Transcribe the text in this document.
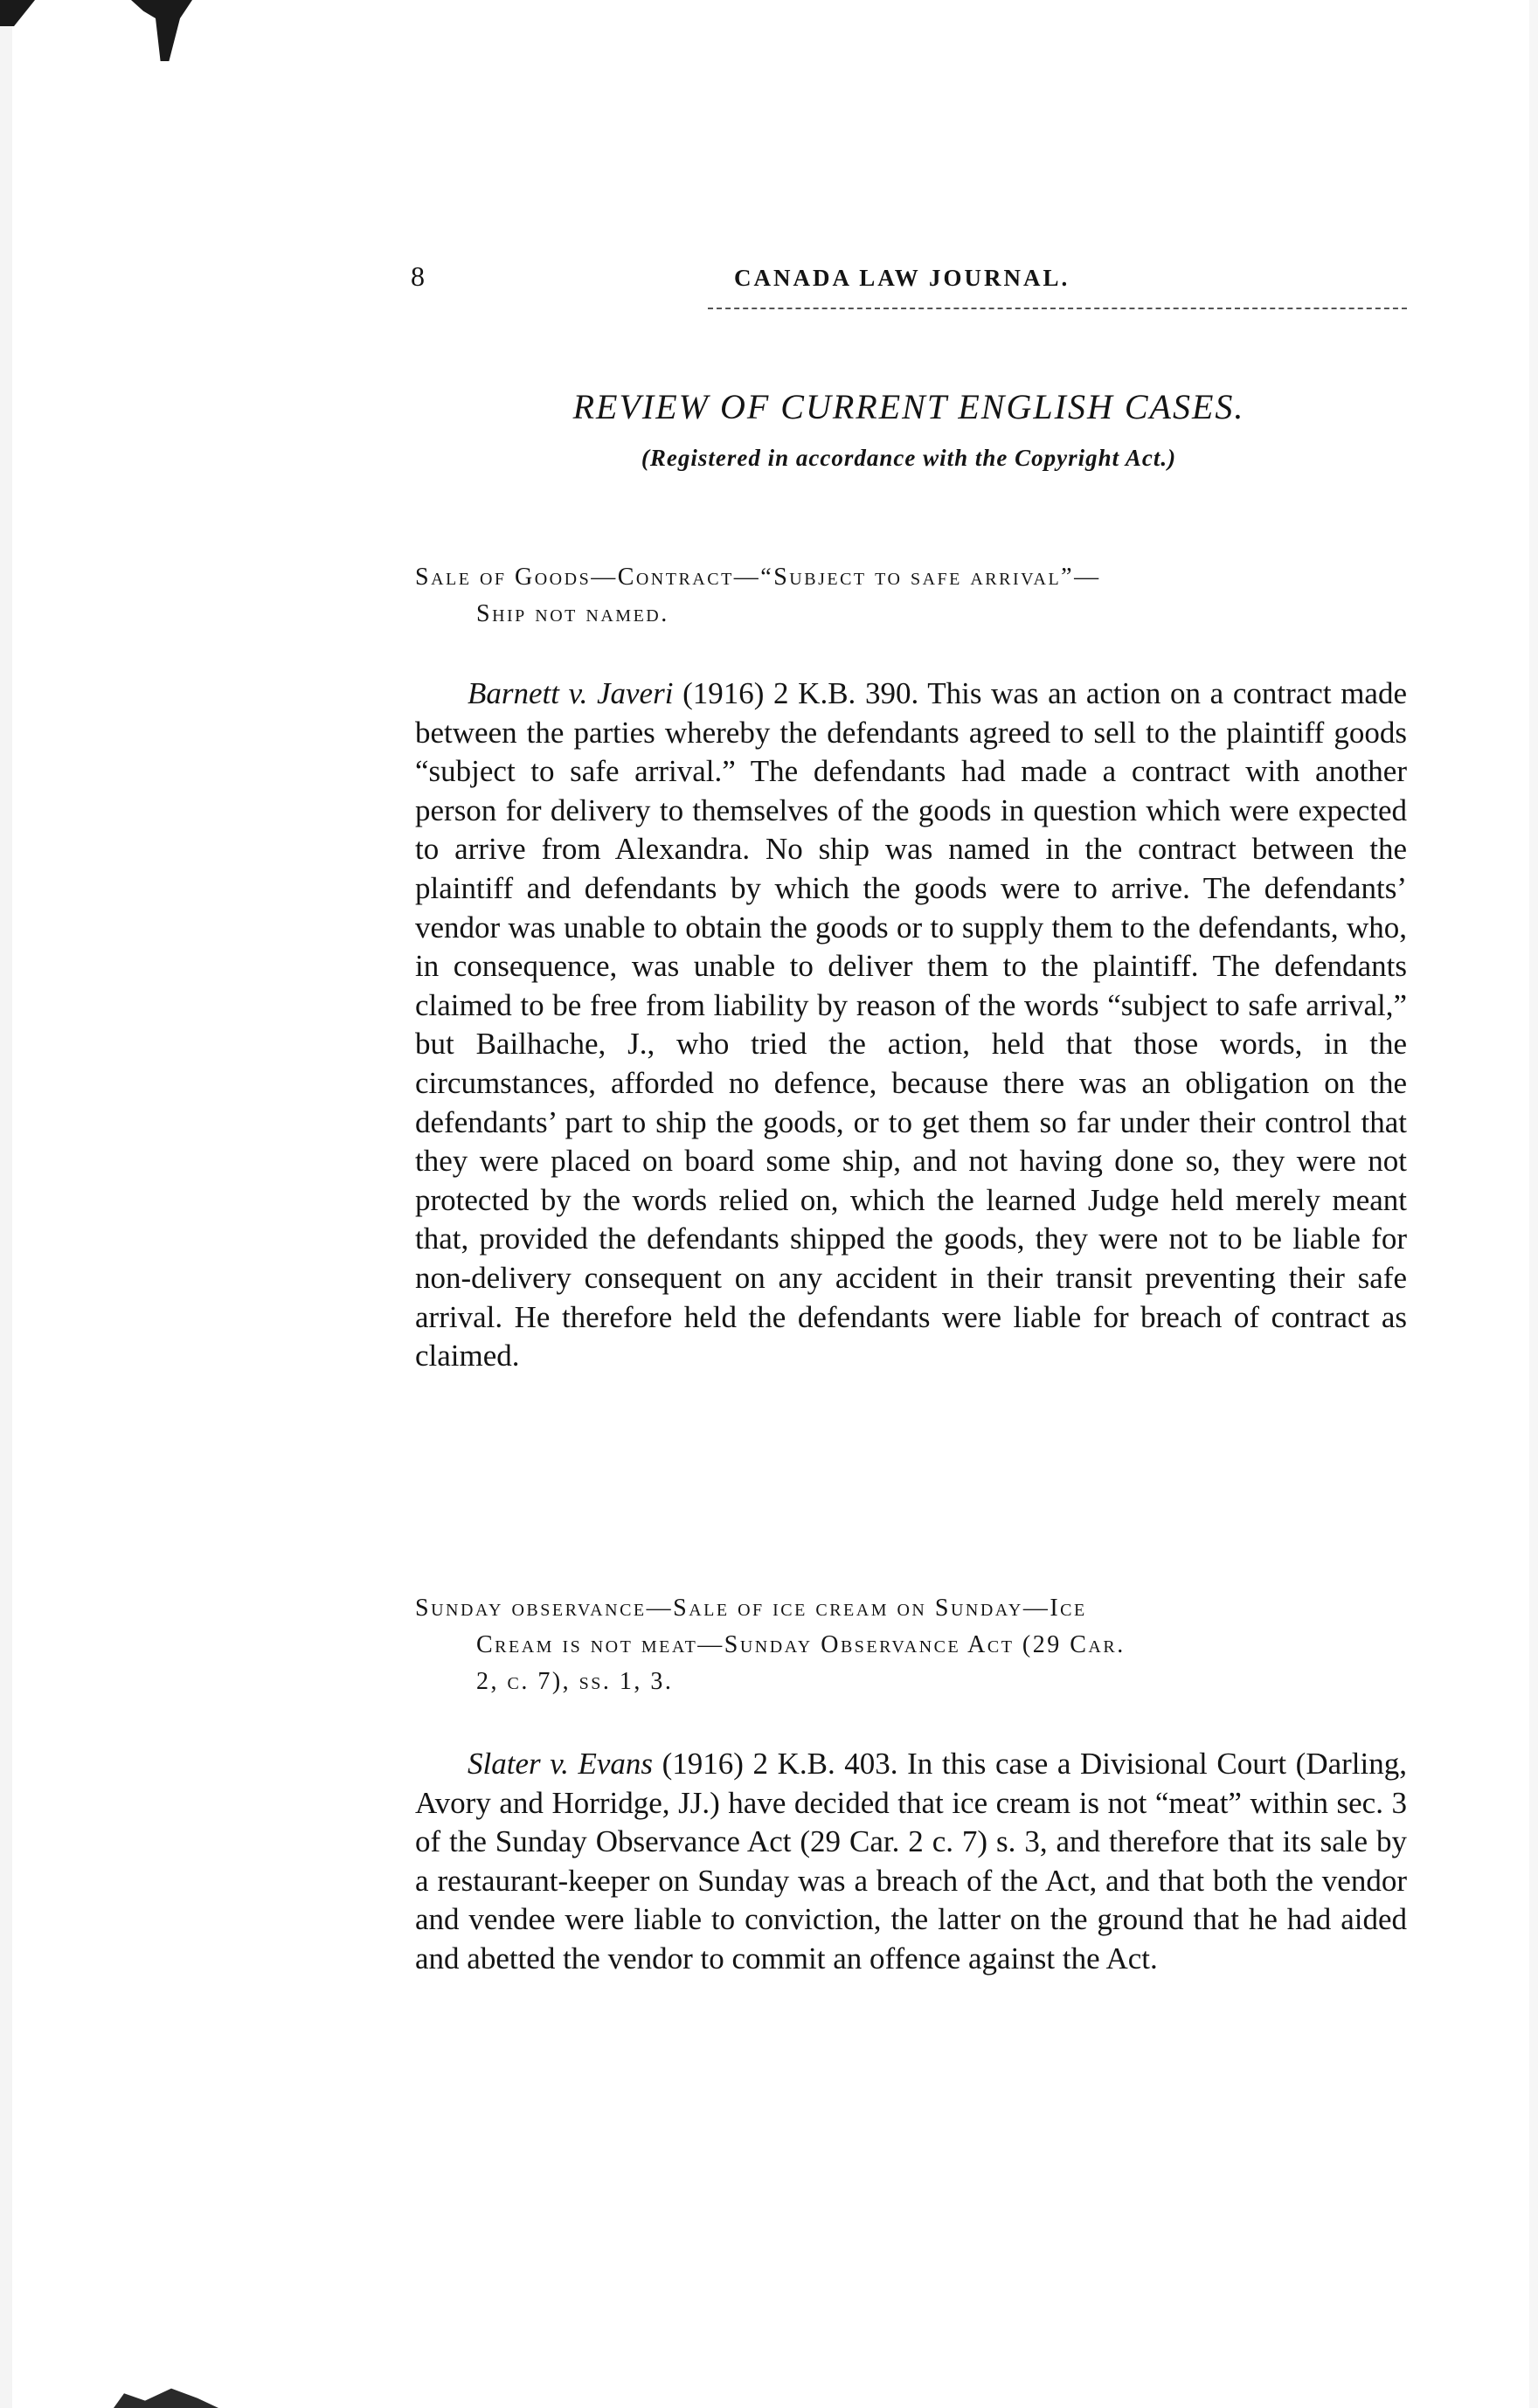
8	CANADA LAW JOURNAL.
REVIEW OF CURRENT ENGLISH CASES.
(Registered in accordance with the Copyright Act.)
Sale of Goods—Contract—“Subject to safe arrival”—
Ship not named.

Barnett v. Javeri (1916) 2 K.B. 390. This was an action on a contract made between the parties whereby the defendants agreed to sell to the plaintiff goods “subject to safe arrival.” The defendants had made a contract with another person for delivery to themselves of the goods in question which were expected to arrive from Alexandra. No ship was named in the contract between the plaintiff and defendants by which the goods were to arrive. The defendants’ vendor was unable to obtain the goods or to supply them to the defendants, who, in consequence, was unable to deliver them to the plaintiff. The defendants claimed to be free from liability by reason of the words “subject to safe arrival,” but Bailhache, J., who tried the action, held that those words, in the circumstances, afforded no defence, because there was an obligation on the defendants’ part to ship the goods, or to get them so far under their control that they were placed on board some ship, and not having done so, they were not protected by the words relied on, which the learned Judge held merely meant that, provided the defendants shipped the goods, they were not to be liable for non-delivery consequent on any accident in their transit preventing their safe arrival. He therefore held the defendants were liable for breach of contract as claimed.

Sunday observance—Sale of ice cream on Sunday—Ice
Cream is not meat—Sunday Observance Act (29 Car.
2, c. 7), ss. 1, 3.

Slater v. Evans (1916) 2 K.B. 403. In this case a Divisional Court (Darling, Avory and Horridge, JJ.) have decided that ice cream is not “meat” within sec. 3 of the Sunday Observance Act (29 Car. 2 c. 7) s. 3, and therefore that its sale by a restaurant-keeper on Sunday was a breach of the Act, and that both the vendor and vendee were liable to conviction, the latter on the ground that he had aided and abetted the vendor to commit an offence against the Act.
